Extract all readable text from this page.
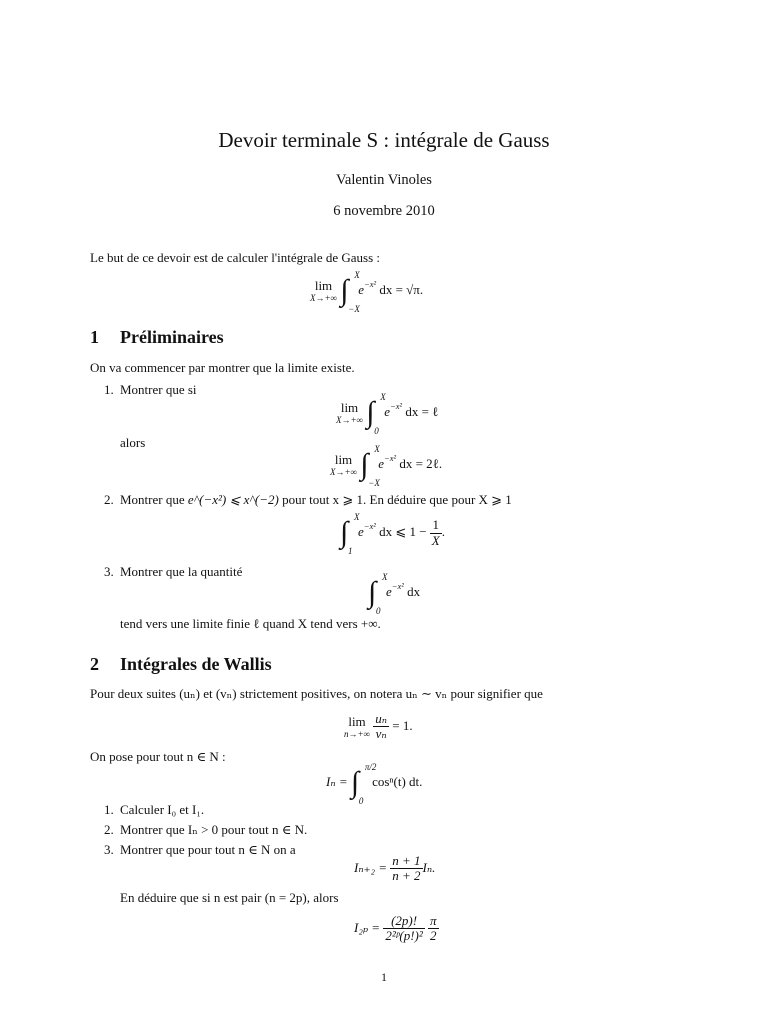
Devoir terminale S : intégrale de Gauss
Valentin Vinoles
6 novembre 2010
Le but de ce devoir est de calculer l'intégrale de Gauss :
lim
X→+∞ ∫ X
−X
$e^{-x^2}$ dx = √π.
1 Préliminaires
On va commencer par montrer que la limite existe.
1. Montrer que si
lim
X→+∞ ∫ X
0
$e^{-x^2}$ dx = ℓ
alors
lim
X→+∞ ∫ X
−X
$e^{-x^2}$ dx = 2ℓ.
2. Montrer que e^(−x²) ⩽ x^(−2) pour tout x ⩾ 1. En déduire que pour X ⩾ 1
∫ X
1
$e^{-x^2}$ dx ⩽ $1 - \frac{1}{X}$ .
3. Montrer que la quantité
∫ X
0
$e^{-x^2}$ dx
tend vers une limite finie ℓ quand X tend vers +∞.
2 Intégrales de Wallis
Pour deux suites (uₙ) et (vₙ) strictement positives, on notera uₙ ∼ vₙ pour signifier que
lim
n→+∞
$\frac{\text{uₙ}}{\text{vₙ}} = 1$.
On pose pour tout n ∈ N :
Iₙ = ∫ π/2
0
cosⁿ(t) dt.
1. Calculer I₀ et I₁.
2. Montrer que Iₙ > 0 pour tout n ∈ N.
3. Montrer que pour tout n ∈ N on a
$I_{n+2} = \frac{n + 1}{n + 2} I_n$.
En déduire que si n est pair (n = 2p), alors
$I_{2p} = \frac{(2p)!}{\text{2²ᵖ(p!)²}}$
$\frac{\pi}{2}$
1
